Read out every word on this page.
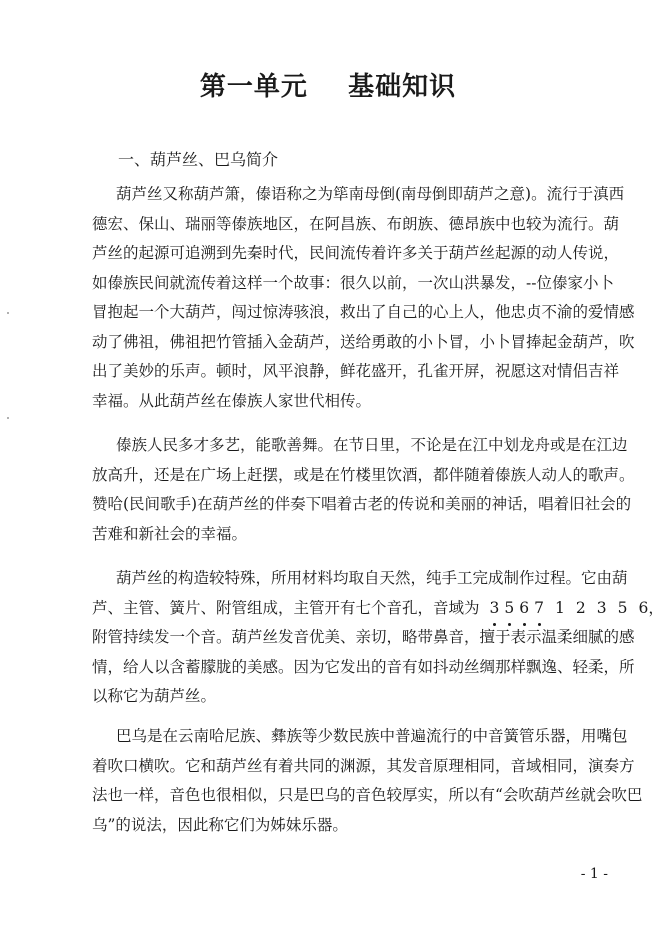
第一单元    基础知识
一、葫芦丝、巴乌简介
葫芦丝又称葫芦箫，傣语称之为筚南母倒(南母倒即葫芦之意)。流行于滇西
德宏、保山、瑞丽等傣族地区，在阿昌族、布朗族、德昂族中也较为流行。葫
芦丝的起源可追溯到先秦时代，民间流传着许多关于葫芦丝起源的动人传说，
如傣族民间就流传着这样一个故事：很久以前，一次山洪暴发，--位傣家小卜
冒抱起一个大葫芦，闯过惊涛骇浪，救出了自己的心上人，他忠贞不渝的爱情感
动了佛祖，佛祖把竹管插入金葫芦，送给勇敢的小卜冒，小卜冒捧起金葫芦，吹
出了美妙的乐声。顿时，风平浪静，鲜花盛开，孔雀开屏，祝愿这对情侣吉祥
幸福。从此葫芦丝在傣族人家世代相传。
傣族人民多才多艺，能歌善舞。在节日里，不论是在江中划龙舟或是在江边
放高升，还是在广场上赶摆，或是在竹楼里饮酒，都伴随着傣族人动人的歌声。
赞哈(民间歌手)在葫芦丝的伴奏下唱着古老的传说和美丽的神话，唱着旧社会的
苦难和新社会的幸福。
葫芦丝的构造较特殊，所用材料均取自天然，纯手工完成制作过程。它由葫
芦、主管、簧片、附管组成，主管开有七个音孔，音域为 3 5 6 7 1 2 3 5 6，
附管持续发一个音。葫芦丝发音优美、亲切，略带鼻音，擅于表示温柔细腻的感
情，给人以含蓄朦胧的美感。因为它发出的音有如抖动丝绸那样飘逸、轻柔，所
以称它为葫芦丝。
巴乌是在云南哈尼族、彝族等少数民族中普遍流行的中音簧管乐器，用嘴包
着吹口横吹。它和葫芦丝有着共同的渊源，其发音原理相同，音域相同，演奏方
法也一样，音色也很相似，只是巴乌的音色较厚实，所以有“会吹葫芦丝就会吹巴
乌”的说法，因此称它们为姊妹乐器。
- 1 -
